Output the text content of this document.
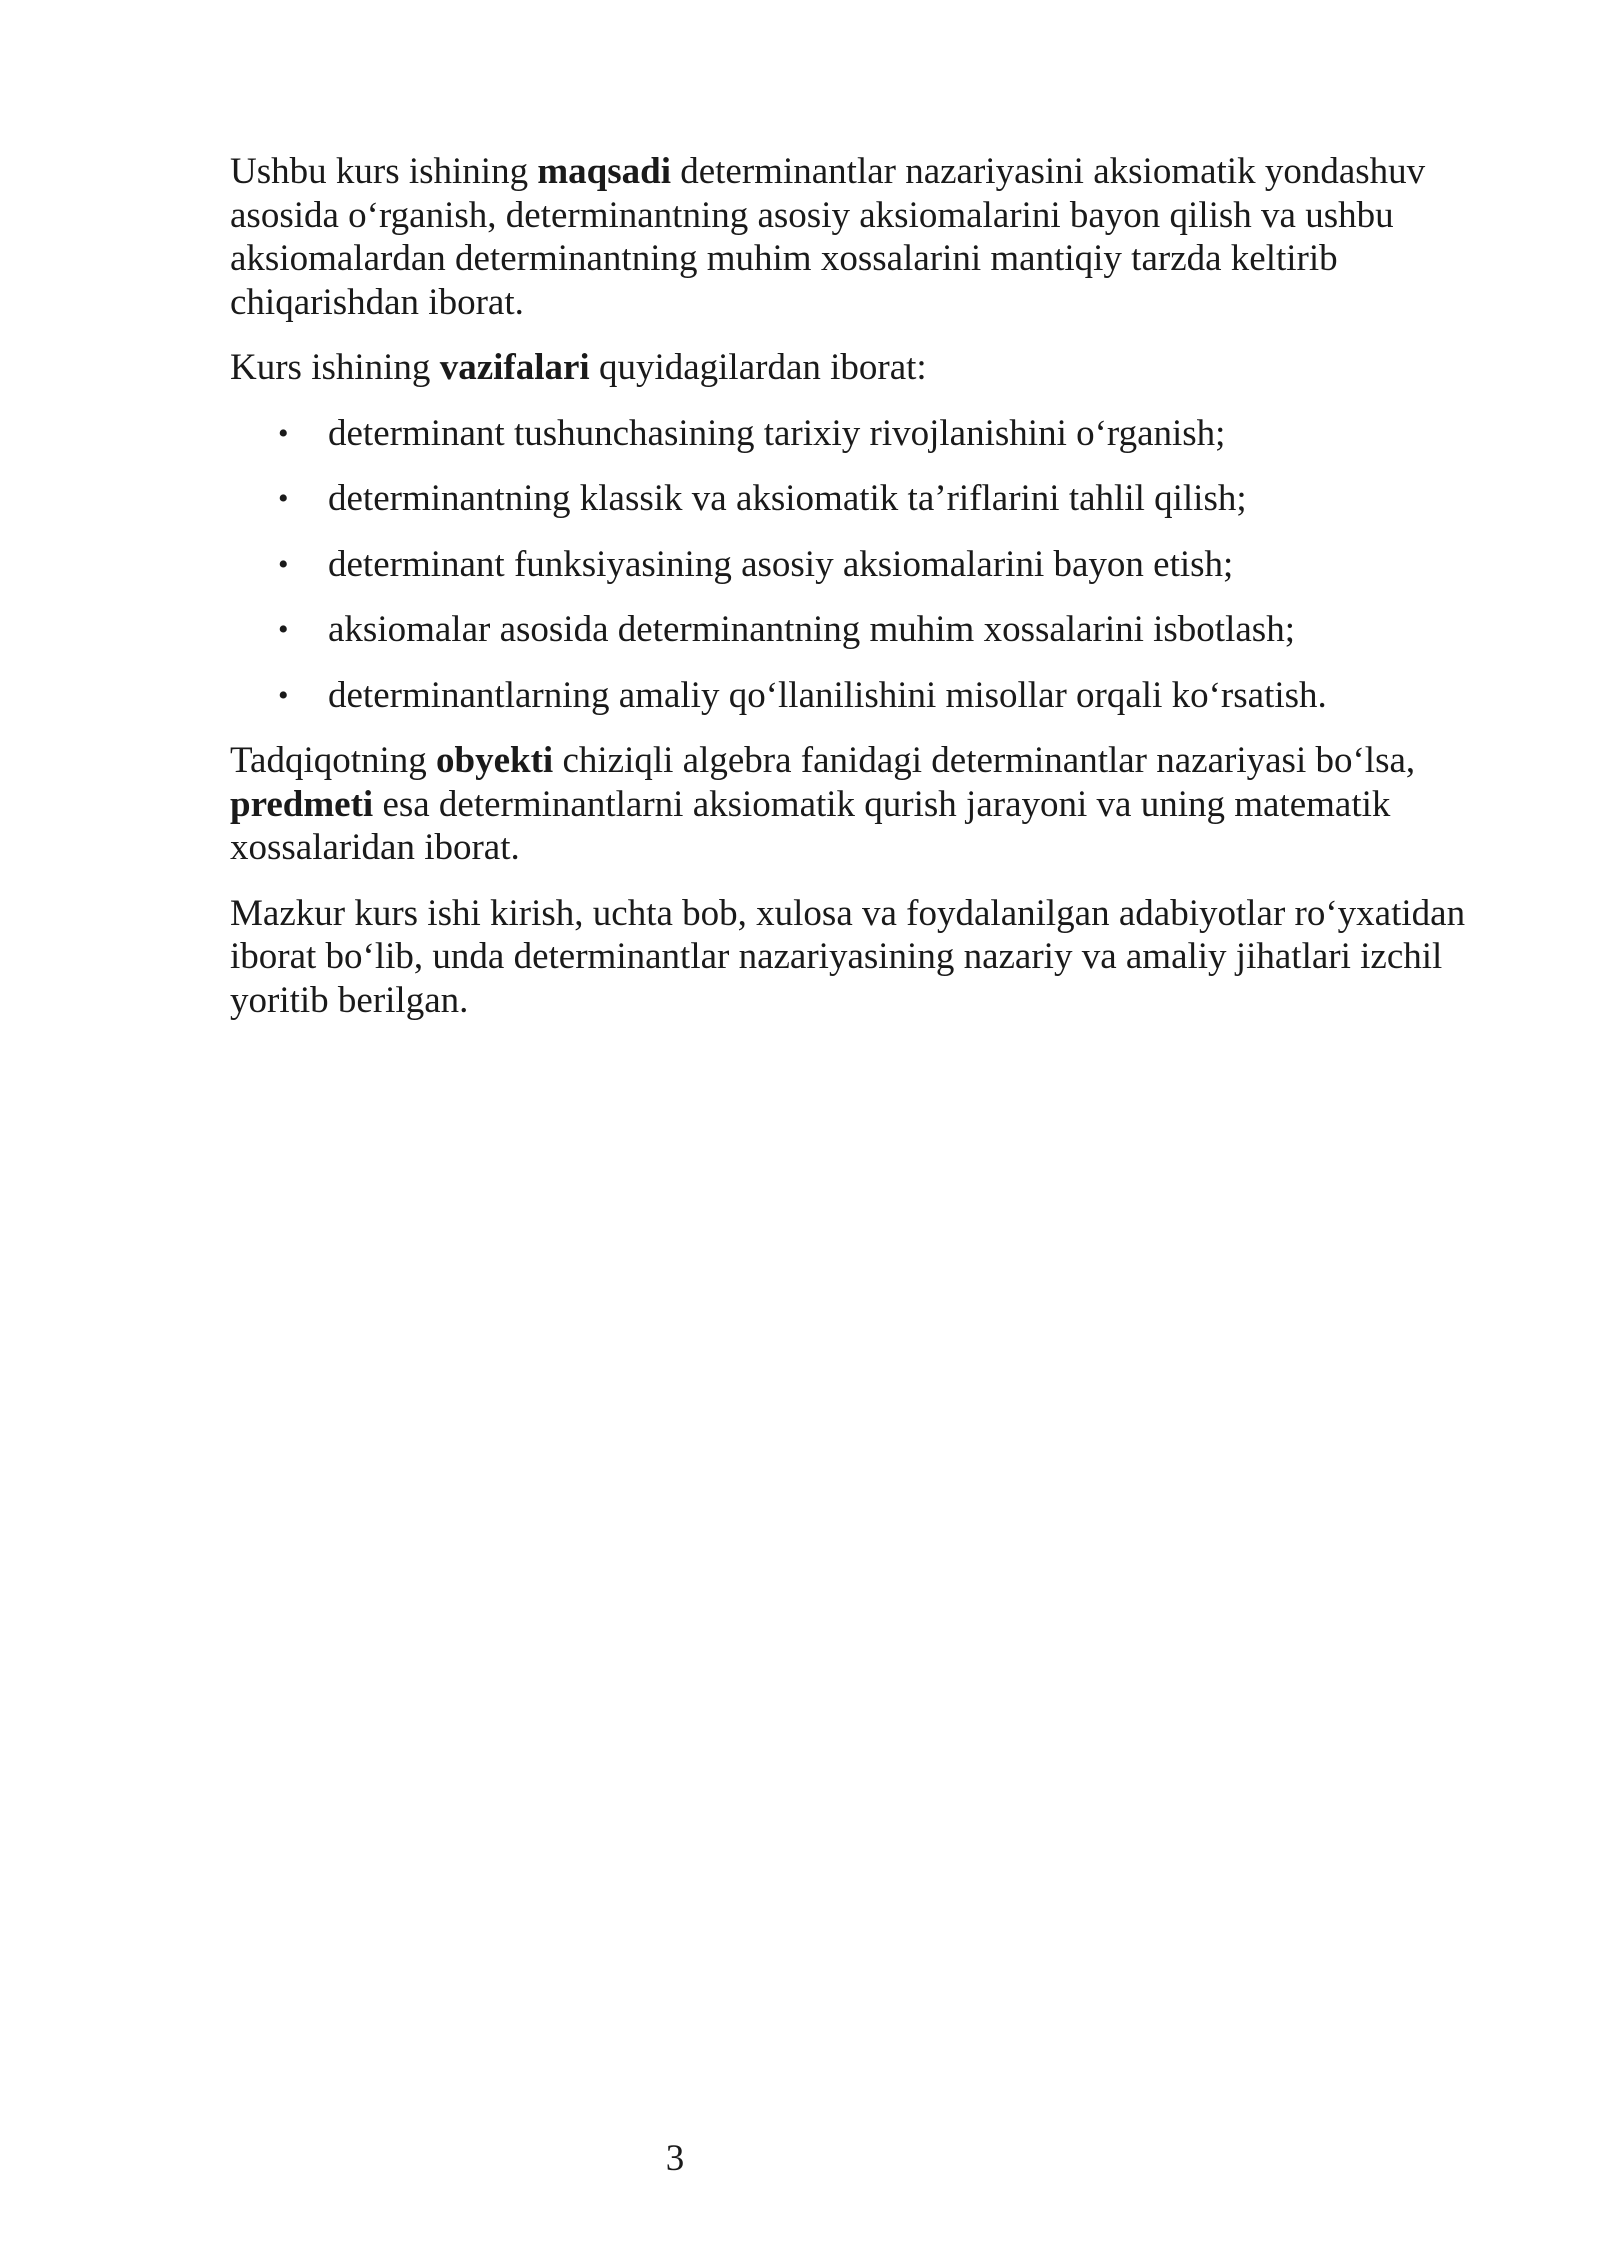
Ushbu kurs ishining maqsadi determinantlar nazariyasini aksiomatik yondashuv asosida o‘rganish, determinantning asosiy aksiomalarini bayon qilish va ushbu aksiomalardan determinantning muhim xossalarini mantiqiy tarzda keltirib chiqarishdan iborat.

Kurs ishining vazifalari quyidagilardan iborat:

• determinant tushunchasining tarixiy rivojlanishini o‘rganish;
• determinantning klassik va aksiomatik ta’riflarini tahlil qilish;
• determinant funksiyasining asosiy aksiomalarini bayon etish;
• aksiomalar asosida determinantning muhim xossalarini isbotlash;
• determinantlarning amaliy qo‘llanilishini misollar orqali ko‘rsatish.

Tadqiqotning obyekti chiziqli algebra fanidagi determinantlar nazariyasi bo‘lsa, predmeti esa determinantlarni aksiomatik qurish jarayoni va uning matematik xossalaridan iborat.

Mazkur kurs ishi kirish, uchta bob, xulosa va foydalanilgan adabiyotlar ro‘yxatidan iborat bo‘lib, unda determinantlar nazariyasining nazariy va amaliy jihatlari izchil yoritib berilgan.

3
